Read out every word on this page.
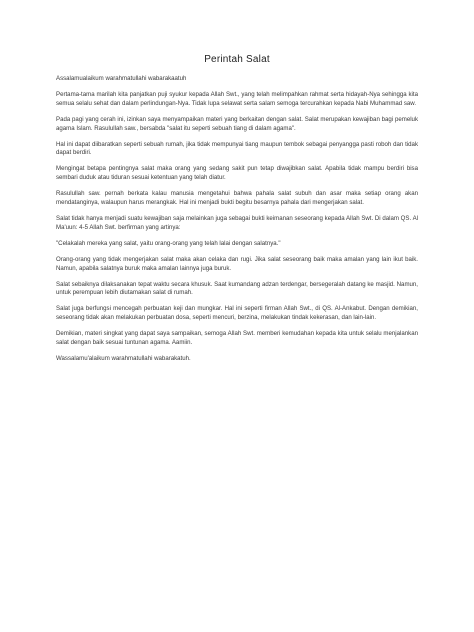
Perintah Salat

Assalamualaikum warahmatullahi wabarakaatuh

Pertama-tama marilah kita panjatkan puji syukur kepada Allah Swt., yang telah melimpahkan rahmat serta hidayah-Nya sehingga kita semua selalu sehat dan dalam perlindungan-Nya. Tidak lupa selawat serta salam semoga tercurahkan kepada Nabi Muhammad saw.

Pada pagi yang cerah ini, izinkan saya menyampaikan materi yang berkaitan dengan salat. Salat merupakan kewajiban bagi pemeluk agama Islam. Rasulullah saw., bersabda "salat itu seperti sebuah tiang di dalam agama".

Hal ini dapat diibaratkan seperti sebuah rumah, jika tidak mempunyai tiang maupun tembok sebagai penyangga pasti roboh dan tidak dapat berdiri.

Mengingat betapa pentingnya salat maka orang yang sedang sakit pun tetap diwajibkan salat. Apabila tidak mampu berdiri bisa sembari duduk atau tiduran sesuai ketentuan yang telah diatur.

Rasulullah saw. pernah berkata kalau manusia mengetahui bahwa pahala salat subuh dan asar maka setiap orang akan mendatanginya, walaupun harus merangkak. Hal ini menjadi bukti begitu besarnya pahala dari mengerjakan salat.

Salat tidak hanya menjadi suatu kewajiban saja melainkan juga sebagai bukti keimanan seseorang kepada Allah Swt. Di dalam QS. Al Ma'uun: 4-5 Allah Swt. berfirman yang artinya:

"Celakalah mereka yang salat, yaitu orang-orang yang telah lalai dengan salatnya."

Orang-orang yang tidak mengerjakan salat maka akan celaka dan rugi. Jika salat seseorang baik maka amalan yang lain ikut baik. Namun, apabila salatnya buruk maka amalan lainnya juga buruk.

Salat sebaiknya dilaksanakan tepat waktu secara khusuk. Saat kumandang adzan terdengar, bersegeralah datang ke masjid. Namun, untuk perempuan lebih diutamakan salat di rumah.

Salat juga berfungsi mencegah perbuatan keji dan mungkar. Hal ini seperti firman Allah Swt., di QS. Al-Ankabut. Dengan demikian, seseorang tidak akan melakukan perbuatan dosa, seperti mencuri, berzina, melakukan tindak kekerasan, dan lain-lain.

Demikian, materi singkat yang dapat saya sampaikan, semoga Allah Swt. memberi kemudahan kepada kita untuk selalu menjalankan salat dengan baik sesuai tuntunan agama. Aamiin.

Wassalamu'alaikum warahmatullahi wabarakatuh.
